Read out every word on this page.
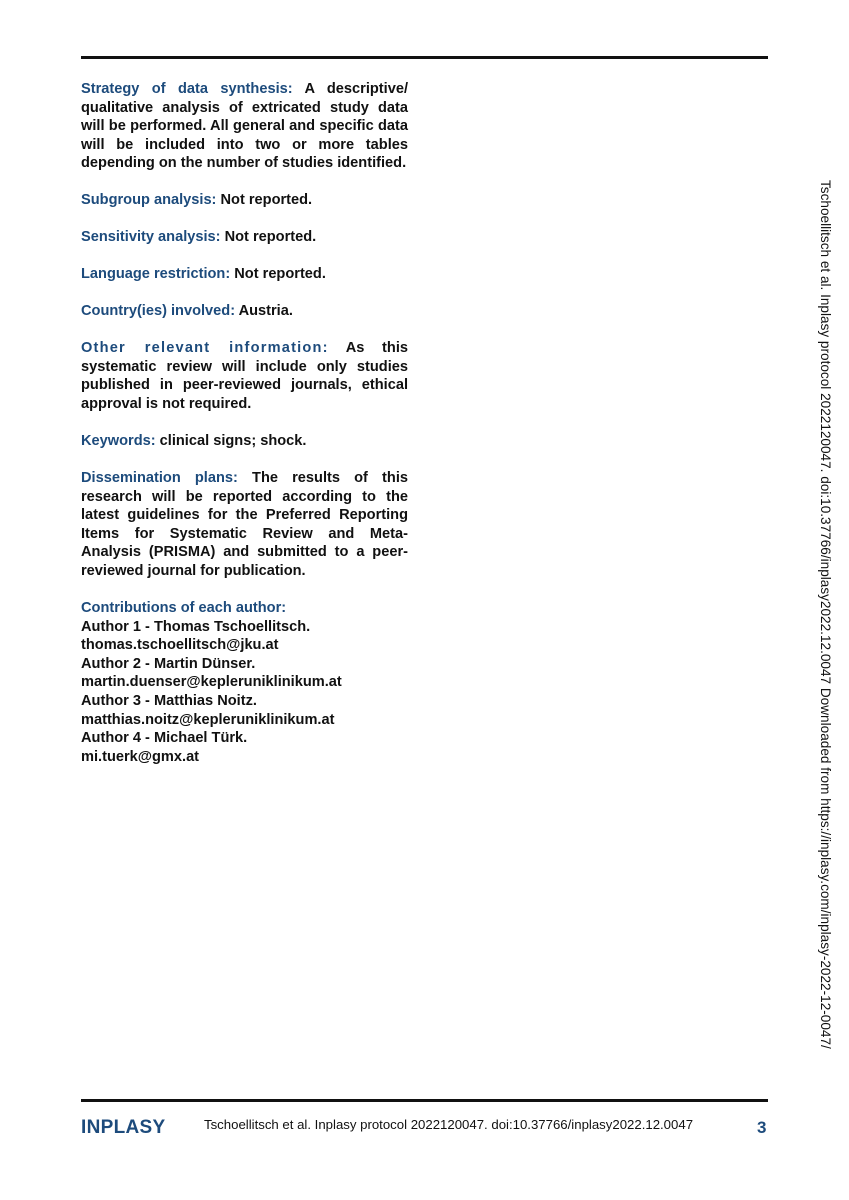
Strategy of data synthesis: A descriptive/ qualitative analysis of extricated study data will be performed. All general and specific data will be included into two or more tables depending on the number of studies identified.

Subgroup analysis: Not reported.

Sensitivity analysis: Not reported.

Language restriction: Not reported.

Country(ies) involved: Austria.

Other relevant information: As this systematic review will include only studies published in peer-reviewed journals, ethical approval is not required.

Keywords: clinical signs; shock.

Dissemination plans: The results of this research will be reported according to the latest guidelines for the Preferred Reporting Items for Systematic Review and Meta-Analysis (PRISMA) and submitted to a peer-reviewed journal for publication.

Contributions of each author:
Author 1 - Thomas Tschoellitsch.
thomas.tschoellitsch@jku.at
Author 2 - Martin Dünser.
martin.duenser@kepleruniklinikum.at
Author 3 - Matthias Noitz.
matthias.noitz@kepleruniklinikum.at
Author 4 - Michael Türk.
mi.tuerk@gmx.at	Tschoellitsch et al. Inplasy protocol 2022120047. doi:10.37766/inplasy2022.12.0047 Downloaded from https://inplasy.com/inplasy-2022-12-0047/
INPLASY	Tschoellitsch et al. Inplasy protocol 2022120047. doi:10.37766/inplasy2022.12.0047	3
